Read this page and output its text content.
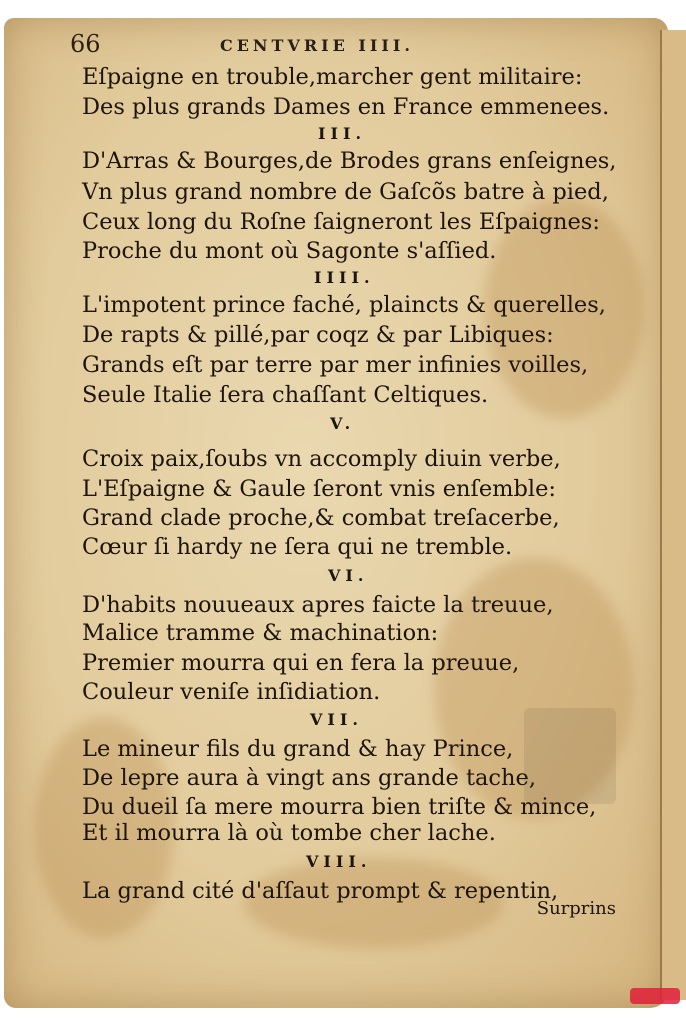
66	CENTVRIE IIII.
Eſpaigne en trouble,marcher gent militaire:
Des plus grands Dames en France emmenees.
III.
D'Arras & Bourges,de Brodes grans enſeignes,
Vn plus grand nombre de Gaſcõs batre à pied,
Ceux long du Roſne ſaigneront les Eſpaignes:
Proche du mont où Sagonte s'aſſied.
IIII.
L'impotent prince faché, plaincts & querelles,
De rapts & pillé,par coqz & par Libiques:
Grands eſt par terre par mer infinies voilles,
Seule Italie ſera chaſſant Celtiques.
V.
Croix paix,ſoubs vn accomply diuin verbe,
L'Eſpaigne & Gaule ſeront vnis enſemble:
Grand clade proche,& combat treſacerbe,
Cœur ſi hardy ne ſera qui ne tremble.
VI.
D'habits nouueaux apres faicte la treuue,
Malice tramme & machination:
Premier mourra qui en fera la preuue,
Couleur veniſe inſidiation.
VII.
Le mineur fils du grand & hay Prince,
De lepre aura à vingt ans grande tache,
Du dueil ſa mere mourra bien triſte & mince,
Et il mourra là où tombe cher lache.
VIII.
La grand cité d'aſſaut prompt & repentin,
Surprins
